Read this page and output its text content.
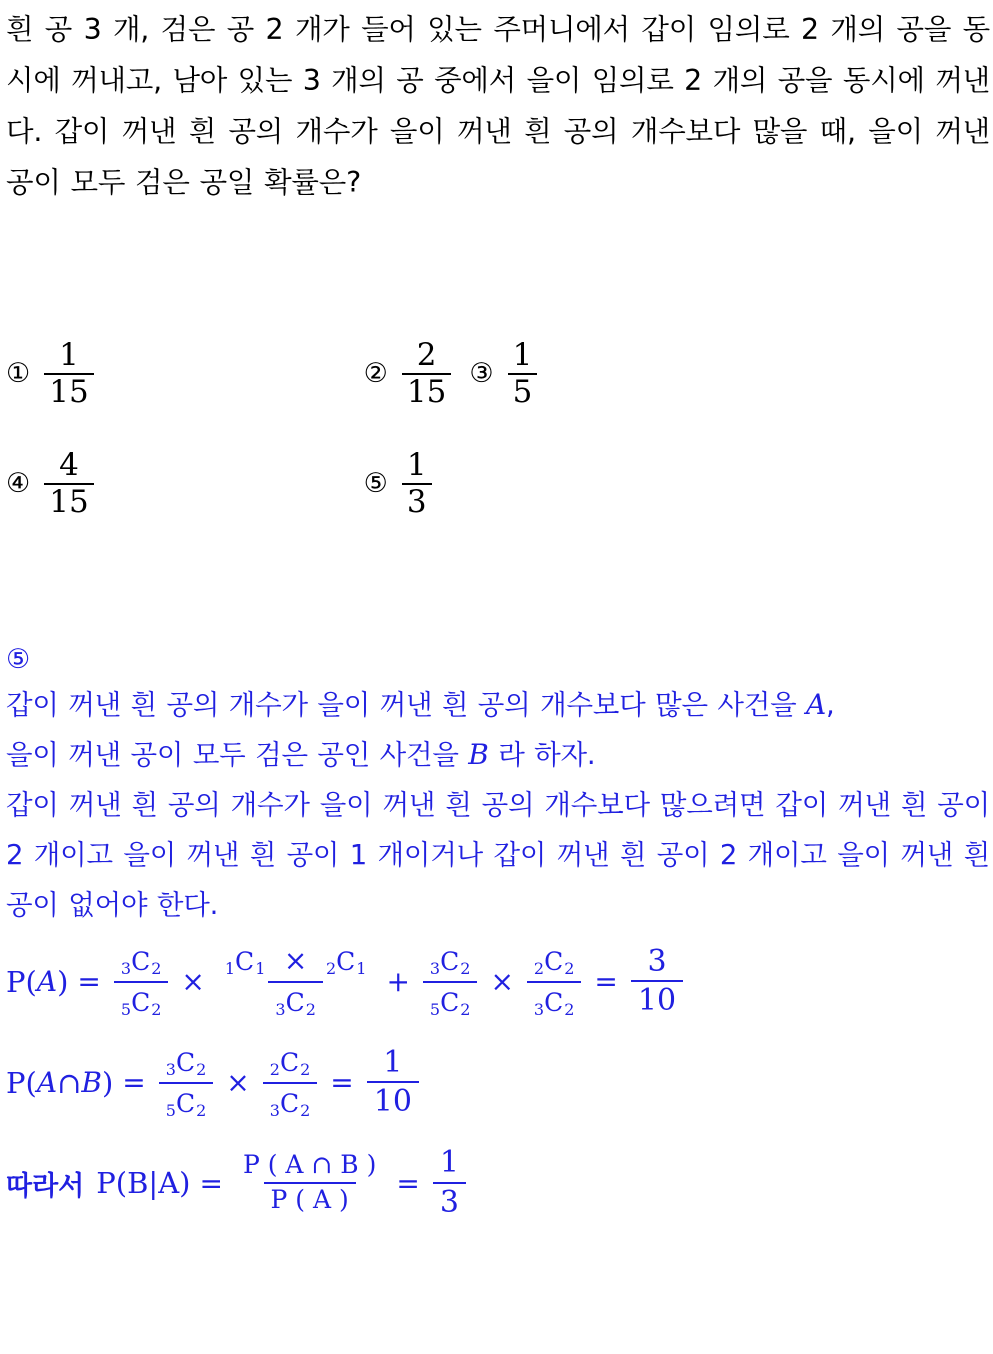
흰 공 3 개, 검은 공 2 개가 들어 있는 주머니에서 갑이 임의로 2 개의 공을 동시에 꺼내고, 남아 있는 3 개의 공 중에서 을이 임의로 2 개의 공을 동시에 꺼낸다. 갑이 꺼낸 흰 공의 개수가 을이 꺼낸 흰 공의 개수보다 많을 때, 을이 꺼낸 공이 모두 검은 공일 확률은?
① $\frac{1}{15}$	② $\frac{2}{15}$ ③ $\frac{1}{5}$
④ $\frac{4}{15}$	⑤ $\frac{1}{3}$
⑤
갑이 꺼낸 흰 공의 개수가 을이 꺼낸 흰 공의 개수보다 많은 사건을 A,
을이 꺼낸 공이 모두 검은 공인 사건을 B 라 하자.
갑이 꺼낸 흰 공의 개수가 을이 꺼낸 흰 공의 개수보다 많으려면 갑이 꺼낸 흰 공이 2 개이고 을이 꺼낸 흰 공이 1 개이거나 갑이 꺼낸 흰 공이 2 개이고 을이 꺼낸 흰 공이 없어야 한다.
P ( A ) = $\frac{3 C 2}{5 C 2} \times \frac{1 C 1 \times 2 C 1}{3 C 2} + \frac{3 C 2}{5 C 2} \times \frac{2 C 2}{3 C 2} = \frac{3}{10}$
P ( A ∩ B ) = $\frac{3 C 2}{5 C 2} \times \frac{2 C 2}{3 C 2} = \frac{1}{10}$
따라서 P ( B | A ) = $\frac{P ( A \cap B )}{P ( A )} = \frac{1}{3}$
